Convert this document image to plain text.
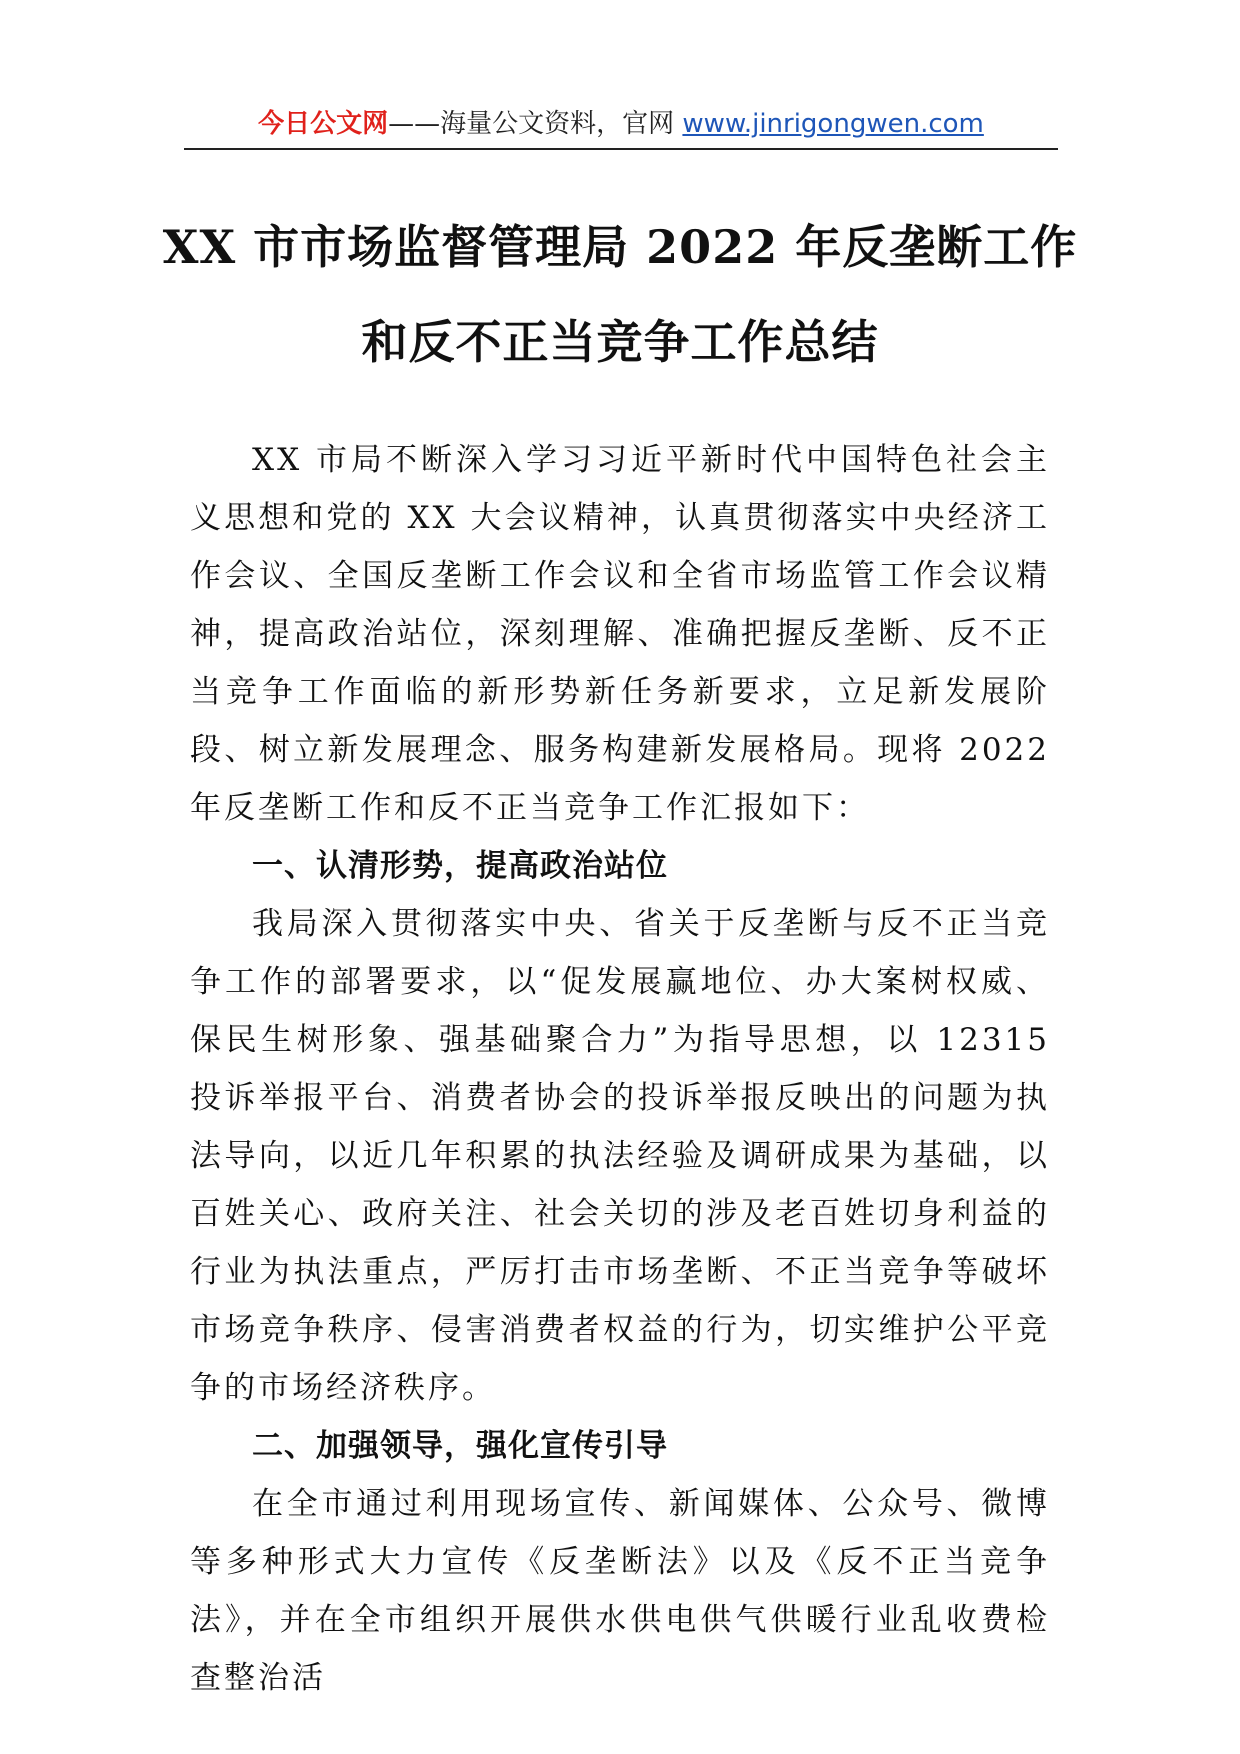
今日公文网——海量公文资料，官网 www.jinrigongwen.com
XX 市市场监督管理局 2022 年反垄断工作
和反不正当竞争工作总结

XX 市局不断深入学习习近平新时代中国特色社会主义思想和党的 XX 大会议精神，认真贯彻落实中央经济工作会议、全国反垄断工作会议和全省市场监管工作会议精神，提高政治站位，深刻理解、准确把握反垄断、反不正当竞争工作面临的新形势新任务新要求，立足新发展阶段、树立新发展理念、服务构建新发展格局。现将 2022 年反垄断工作和反不正当竞争工作汇报如下：

一、认清形势，提高政治站位

我局深入贯彻落实中央、省关于反垄断与反不正当竞争工作的部署要求，以“促发展赢地位、办大案树权威、保民生树形象、强基础聚合力”为指导思想，以 12315 投诉举报平台、消费者协会的投诉举报反映出的问题为执法导向，以近几年积累的执法经验及调研成果为基础，以百姓关心、政府关注、社会关切的涉及老百姓切身利益的行业为执法重点，严厉打击市场垄断、不正当竞争等破坏市场竞争秩序、侵害消费者权益的行为，切实维护公平竞争的市场经济秩序。

二、加强领导，强化宣传引导

在全市通过利用现场宣传、新闻媒体、公众号、微博等多种形式大力宣传《反垄断法》以及《反不正当竞争法》，并在全市组织开展供水供电供气供暖行业乱收费检查整治活
